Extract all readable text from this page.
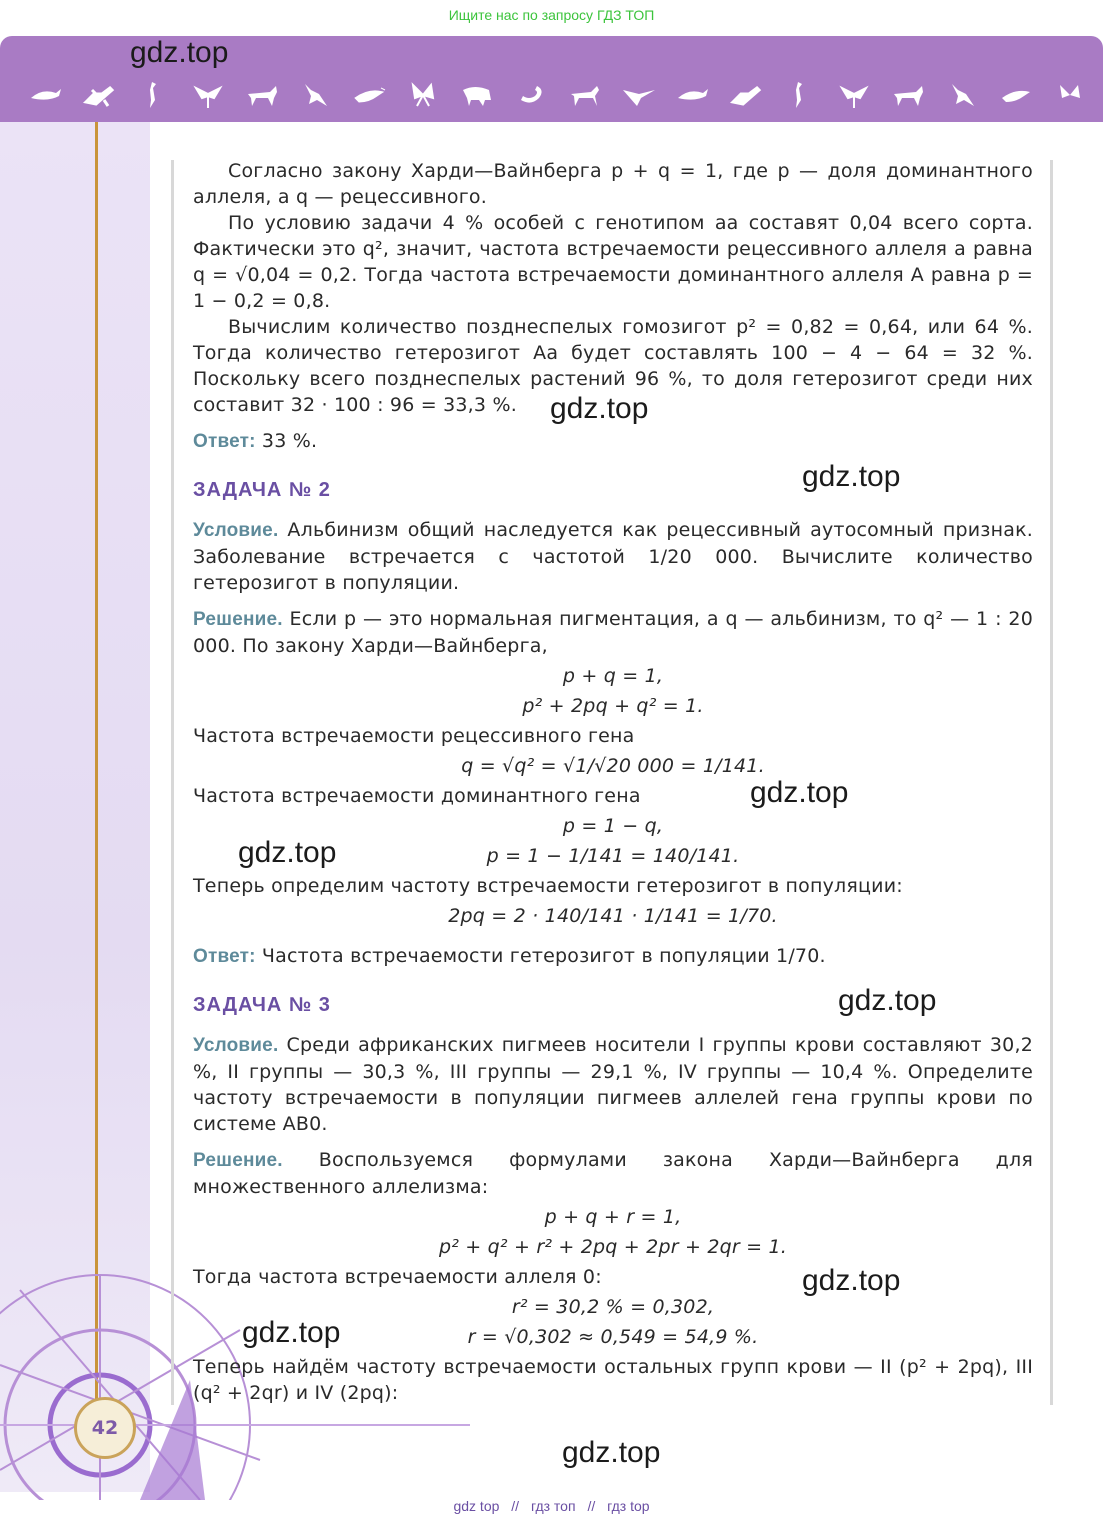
Ищите нас по запросу ГДЗ ТОП
42

Согласно закону Харди—Вайнберга p + q = 1, где p — доля доминантного аллеля, а q — рецессивного.

По условию задачи 4 % особей с генотипом aa составят 0,04 всего сорта. Фактически это q², значит, частота встречаемости рецессивного аллеля a равна q = √0,04 = 0,2. Тогда частота встречаемости доминантного аллеля A равна p = 1 − 0,2 = 0,8.

Вычислим количество позднеспелых гомозигот p² = 0,82 = 0,64, или 64 %. Тогда количество гетерозигот Aa будет составлять 100 − 4 − 64 = 32 %. Поскольку всего позднеспелых растений 96 %, то доля гетерозигот среди них составит 32 · 100 : 96 = 33,3 %.

Ответ: 33 %.

ЗАДАЧА № 2

Условие. Альбинизм общий наследуется как рецессивный аутосомный признак. Заболевание встречается с частотой 1/20 000. Вычислите количество гетерозигот в популяции.

Решение. Если p — это нормальная пигментация, а q — альбинизм, то q² — 1 : 20 000. По закону Харди—Вайнберга,

p + q = 1,

p² + 2pq + q² = 1.

Частота встречаемости рецессивного гена

q = √q² = √1/√20 000 = 1/141.

Частота встречаемости доминантного гена

p = 1 − q,

p = 1 − 1/141 = 140/141.

Теперь определим частоту встречаемости гетерозигот в популяции:

2pq = 2 · 140/141 · 1/141 = 1/70.

Ответ: Частота встречаемости гетерозигот в популяции 1/70.

ЗАДАЧА № 3

Условие. Среди африканских пигмеев носители I группы крови составляют 30,2 %, II группы — 30,3 %, III группы — 29,1 %, IV группы — 10,4 %. Определите частоту встречаемости в популяции пигмеев аллелей гена группы крови по системе AB0.

Решение. Воспользуемся формулами закона Харди—Вайнберга для множественного аллелизма:

p + q + r = 1,

p² + q² + r² + 2pq + 2pr + 2qr = 1.

Тогда частота встречаемости аллеля 0:

r² = 30,2 % = 0,302,

r = √0,302 ≈ 0,549 = 54,9 %.

Теперь найдём частоту встречаемости остальных групп крови — II (p² + 2pq), III (q² + 2qr) и IV (2pq):

gdz.top
gdz.top
gdz.top
gdz.top
gdz.top
gdz.top
gdz.top
gdz.top
gdz.top
gdz top // гдз топ // гдз top
